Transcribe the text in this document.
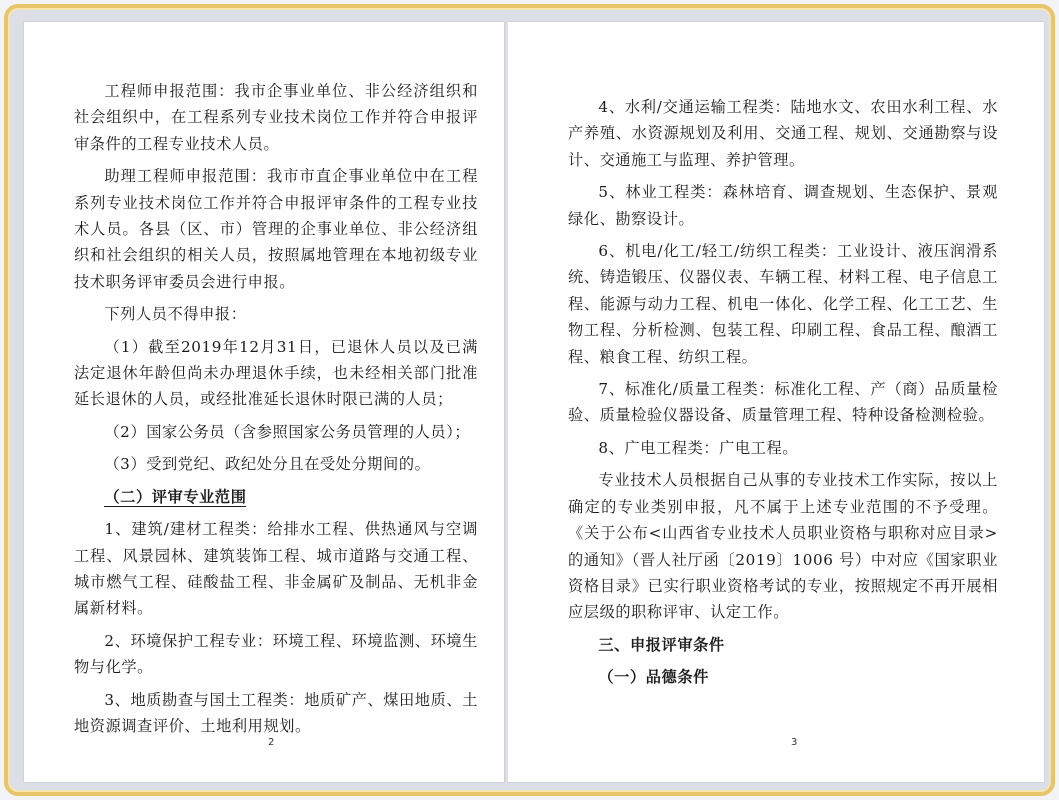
工程师申报范围：我市企事业单位、非公经济组织和社会组织中，在工程系列专业技术岗位工作并符合申报评审条件的工程专业技术人员。

助理工程师申报范围：我市市直企事业单位中在工程系列专业技术岗位工作并符合申报评审条件的工程专业技术人员。各县（区、市）管理的企事业单位、非公经济组织和社会组织的相关人员，按照属地管理在本地初级专业技术职务评审委员会进行申报。

下列人员不得申报：

（1）截至2019年12月31日，已退休人员以及已满法定退休年龄但尚未办理退休手续，也未经相关部门批准延长退休的人员，或经批准延长退休时限已满的人员；

（2）国家公务员（含参照国家公务员管理的人员）；

（3）受到党纪、政纪处分且在受处分期间的。

（二）评审专业范围

1、建筑/建材工程类：给排水工程、供热通风与空调工程、风景园林、建筑装饰工程、城市道路与交通工程、城市燃气工程、硅酸盐工程、非金属矿及制品、无机非金属新材料。

2、环境保护工程专业：环境工程、环境监测、环境生物与化学。

3、地质勘查与国土工程类：地质矿产、煤田地质、土地资源调查评价、土地利用规划。

2

4、水利/交通运输工程类：陆地水文、农田水利工程、水产养殖、水资源规划及利用、交通工程、规划、交通勘察与设计、交通施工与监理、养护管理。

5、林业工程类：森林培育、调查规划、生态保护、景观绿化、勘察设计。

6、机电/化工/轻工/纺织工程类：工业设计、液压润滑系统、铸造锻压、仪器仪表、车辆工程、材料工程、电子信息工程、能源与动力工程、机电一体化、化学工程、化工工艺、生物工程、分析检测、包装工程、印刷工程、食品工程、酿酒工程、粮食工程、纺织工程。

7、标准化/质量工程类：标准化工程、产（商）品质量检验、质量检验仪器设备、质量管理工程、特种设备检测检验。

8、广电工程类：广电工程。

专业技术人员根据自己从事的专业技术工作实际，按以上确定的专业类别申报，凡不属于上述专业范围的不予受理。《关于公布<山西省专业技术人员职业资格与职称对应目录>的通知》（晋人社厅函〔2019〕1006 号）中对应《国家职业资格目录》已实行职业资格考试的专业，按照规定不再开展相应层级的职称评审、认定工作。

三、申报评审条件

（一）品德条件

3
